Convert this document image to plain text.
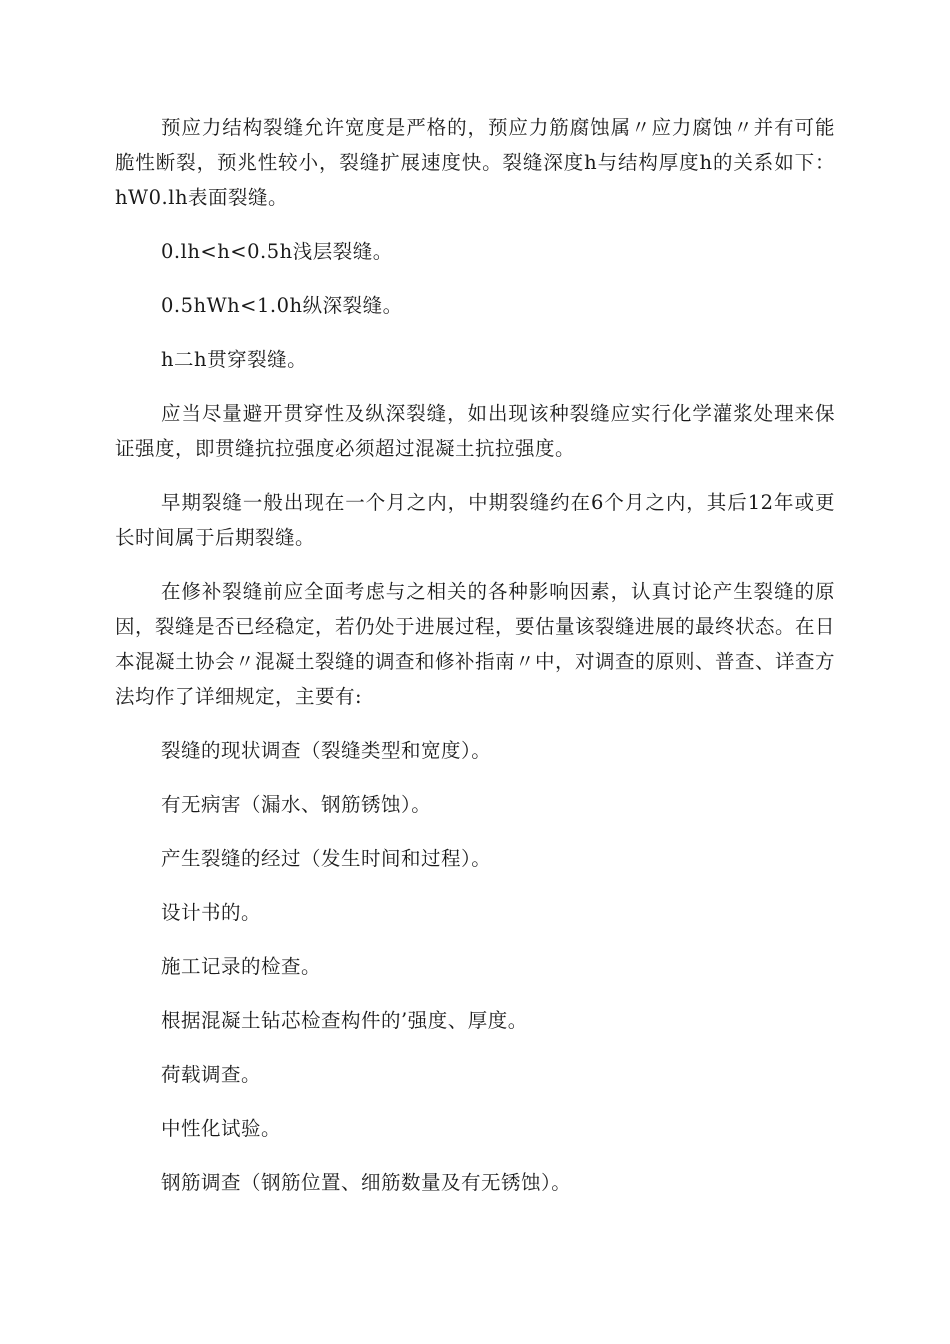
预应力结构裂缝允许宽度是严格的，预应力筋腐蚀属〃应力腐蚀〃并有可能脆性断裂，预兆性较小，裂缝扩展速度快。裂缝深度h与结构厚度h的关系如下：hW0.lh表面裂缝。

0.lh<h<0.5h浅层裂缝。

0.5hWh<1.0h纵深裂缝。

h二h贯穿裂缝。

应当尽量避开贯穿性及纵深裂缝，如出现该种裂缝应实行化学灌浆处理来保证强度，即贯缝抗拉强度必须超过混凝土抗拉强度。

早期裂缝一般出现在一个月之内，中期裂缝约在6个月之内，其后12年或更长时间属于后期裂缝。

在修补裂缝前应全面考虑与之相关的各种影响因素，认真讨论产生裂缝的原因，裂缝是否已经稳定，若仍处于进展过程，要估量该裂缝进展的最终状态。在日本混凝土协会〃混凝土裂缝的调查和修补指南〃中，对调查的原则、普查、详查方法均作了详细规定，主要有:

裂缝的现状调查（裂缝类型和宽度）。

有无病害（漏水、钢筋锈蚀）。

产生裂缝的经过（发生时间和过程）。

设计书的。

施工记录的检查。

根据混凝土钻芯检查构件的’强度、厚度。

荷载调查。

中性化试验。

钢筋调查（钢筋位置、细筋数量及有无锈蚀）。
